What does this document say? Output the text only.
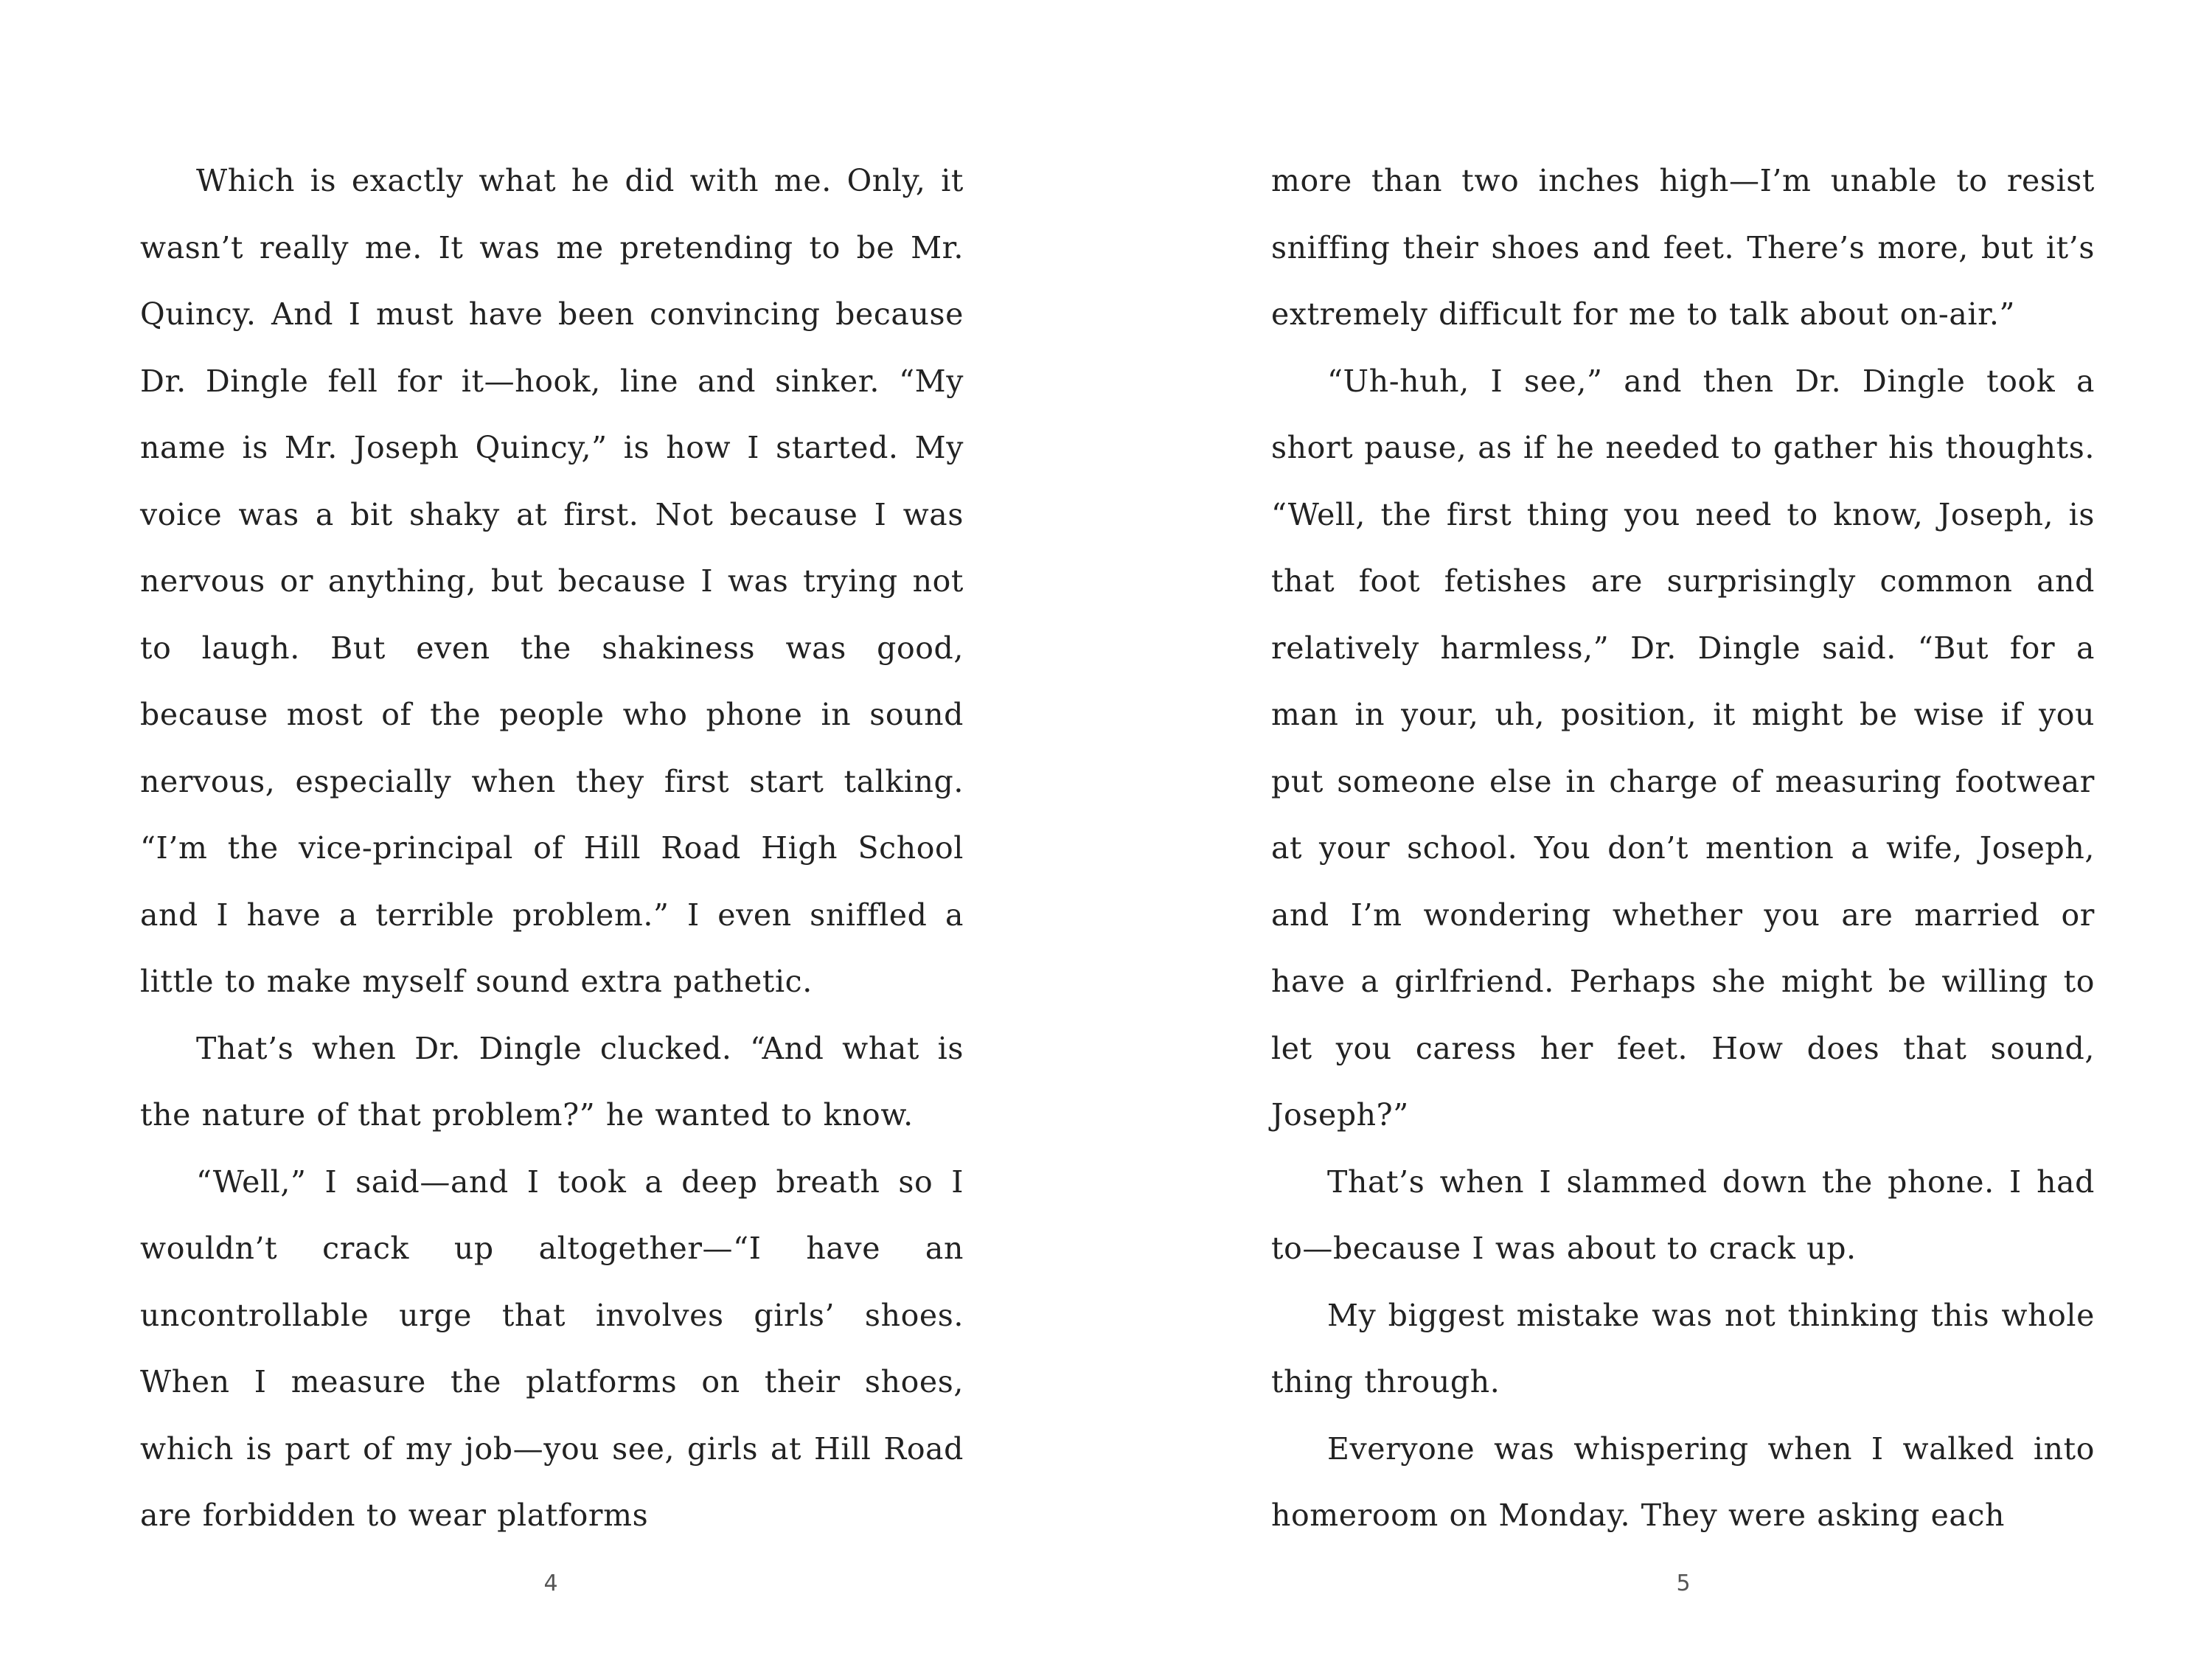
Which is exactly what he did with me. Only, it wasn’t really me. It was me pretending to be Mr. Quincy. And I must have been convincing because Dr. Dingle fell for it—hook, line and sinker. “My name is Mr. Joseph Quincy,” is how I started. My voice was a bit shaky at first. Not because I was nervous or anything, but because I was trying not to laugh. But even the shakiness was good, because most of the people who phone in sound nervous, especially when they first start talking. “I’m the vice-principal of Hill Road High School and I have a terrible problem.” I even sniffled a little to make myself sound extra pathetic.

That’s when Dr. Dingle clucked. “And what is the nature of that problem?” he wanted to know.

“Well,” I said—and I took a deep breath so I wouldn’t crack up altogether—“I have an uncontrollable urge that involves girls’ shoes. When I measure the platforms on their shoes, which is part of my job—you see, girls at Hill Road are forbidden to wear platforms

4

more than two inches high—I’m unable to resist sniffing their shoes and feet. There’s more, but it’s extremely difficult for me to talk about on-air.”

“Uh-huh, I see,” and then Dr. Dingle took a short pause, as if he needed to gather his thoughts. “Well, the first thing you need to know, Joseph, is that foot fetishes are surprisingly common and relatively harmless,” Dr. Dingle said. “But for a man in your, uh, position, it might be wise if you put someone else in charge of measuring footwear at your school. You don’t mention a wife, Joseph, and I’m wondering whether you are married or have a girlfriend. Perhaps she might be willing to let you caress her feet. How does that sound, Joseph?”

That’s when I slammed down the phone. I had to—because I was about to crack up.

My biggest mistake was not thinking this whole thing through.

Everyone was whispering when I walked into homeroom on Monday. They were asking each

5
